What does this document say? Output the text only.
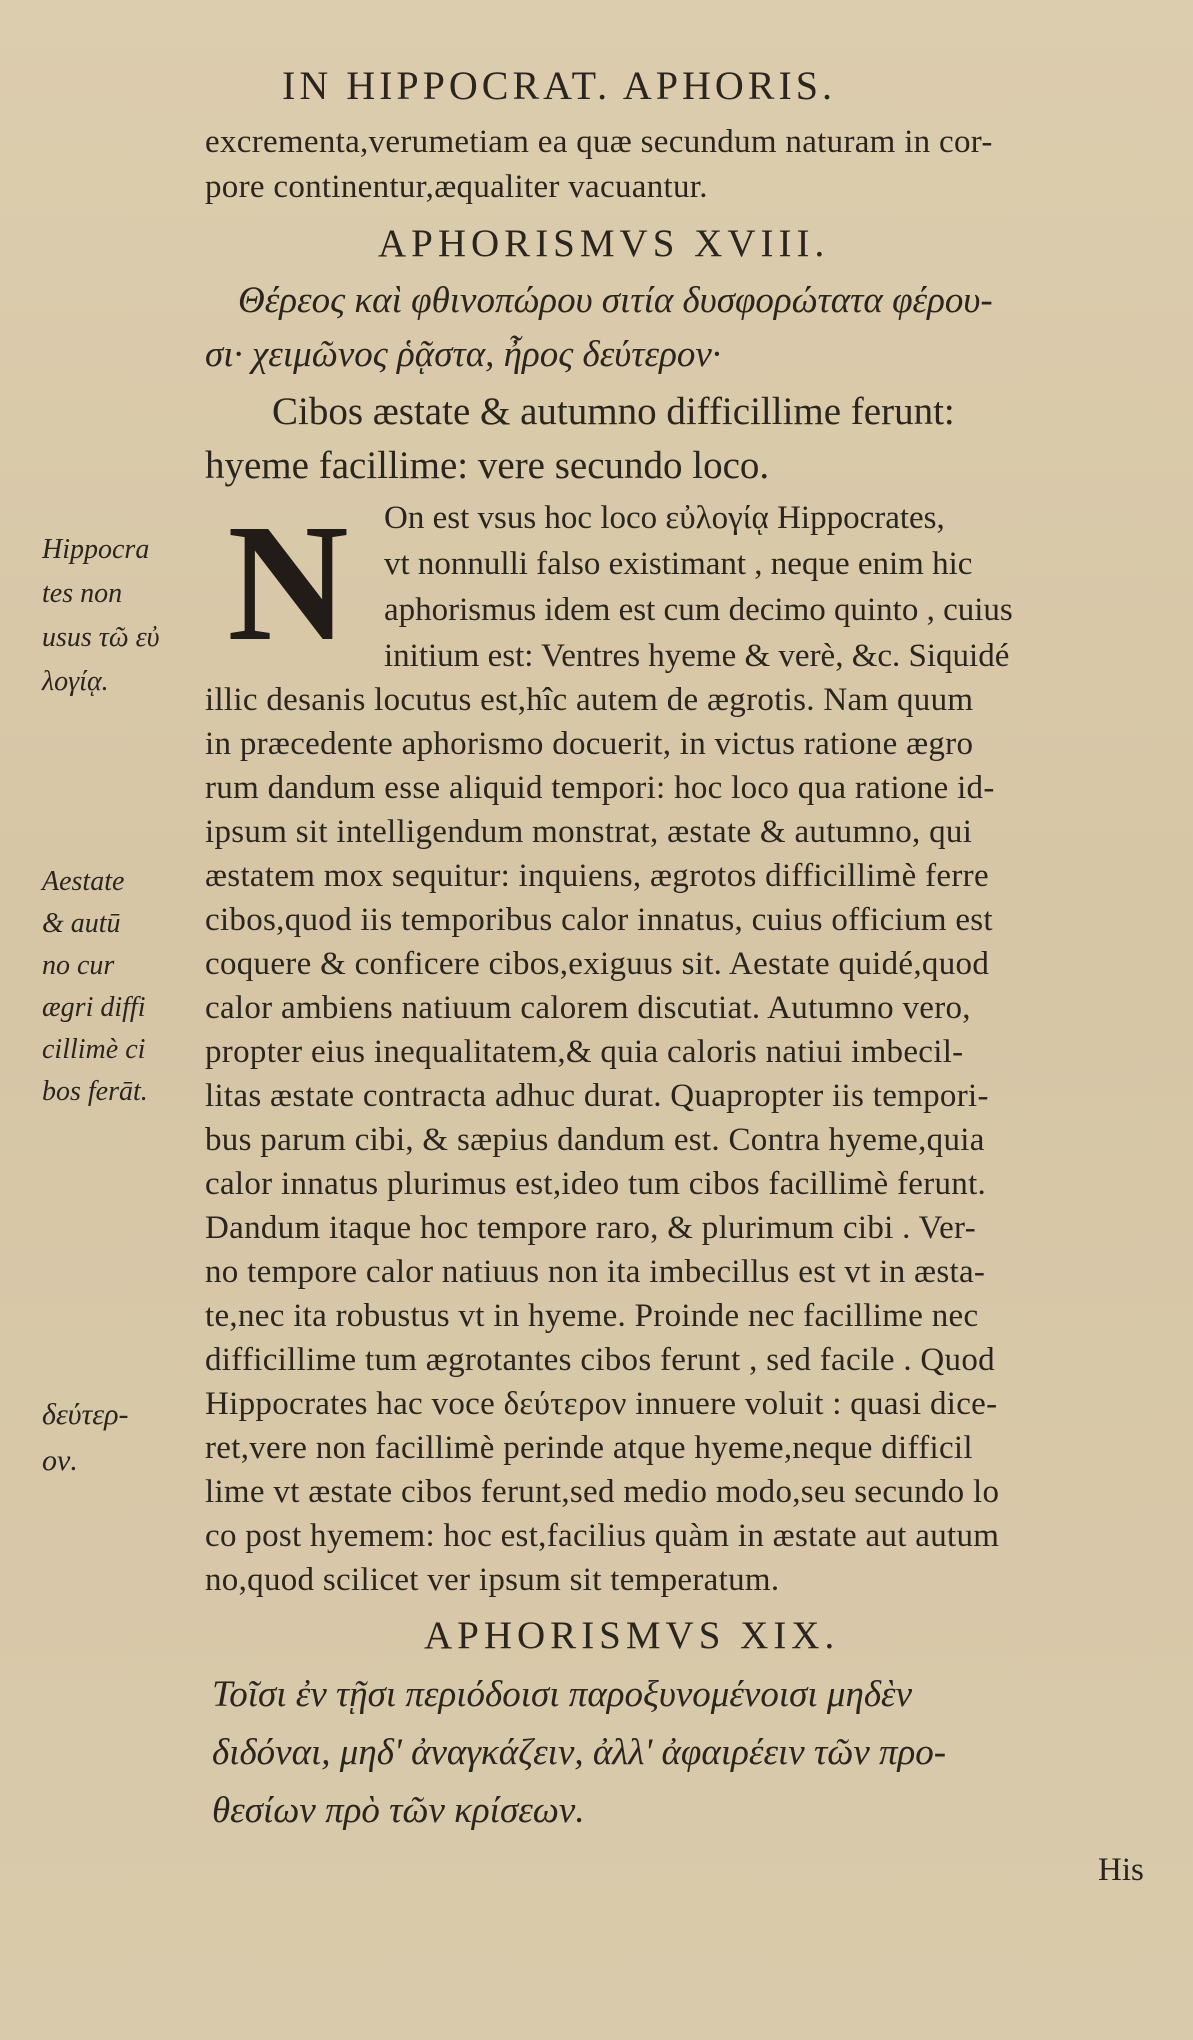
IN HIPPOCRAT. APHORIS.
excrementa,verumetiam ea quæ secundum naturam in cor-
pore continentur,æqualiter vacuantur.
APHORISMVS XVIII.
Θέρεος καὶ φθινοπώρου σιτία δυσφορώτατα φέρου-
σι· χειμῶνος ῥᾷστα, ἦρος δεύτερον·
Cibos æstate & autumno difficillime ferunt:
hyeme facillime: vere secundo loco.
N On est vsus hoc loco εὐλογίᾳ Hippocrates,
vt nonnulli falso existimant , neque enim hic
aphorismus idem est cum decimo quinto , cuius
initium est: Ventres hyeme & verè, &c. Siquidé
illic desanis locutus est,hîc autem de ægrotis. Nam quum
in præcedente aphorismo docuerit, in victus ratione ægro
rum dandum esse aliquid tempori: hoc loco qua ratione id-
ipsum sit intelligendum monstrat, æstate & autumno, qui
æstatem mox sequitur: inquiens, ægrotos difficillimè ferre
cibos,quod iis temporibus calor innatus, cuius officium est
coquere & conficere cibos,exiguus sit. Aestate quidé,quod
calor ambiens natiuum calorem discutiat. Autumno vero,
propter eius inequalitatem,& quia caloris natiui imbecil-
litas æstate contracta adhuc durat. Quapropter iis tempori-
bus parum cibi, & sæpius dandum est. Contra hyeme,quia
calor innatus plurimus est,ideo tum cibos facillimè ferunt.
Dandum itaque hoc tempore raro, & plurimum cibi . Ver-
no tempore calor natiuus non ita imbecillus est vt in æsta-
te,nec ita robustus vt in hyeme. Proinde nec facillime nec
difficillime tum ægrotantes cibos ferunt , sed facile . Quod
Hippocrates hac voce δεύτερον innuere voluit : quasi dice-
ret,vere non facillimè perinde atque hyeme,neque difficil
lime vt æstate cibos ferunt,sed medio modo,seu secundo lo
co post hyemem: hoc est,facilius quàm in æstate aut autum
no,quod scilicet ver ipsum sit temperatum.
Hippocra
tes non
usus τῶ εὐ
λογίᾳ.
Aestate
& autū
no cur
ægri diffi
cillimè ci
bos ferāt.
δεύτερ-
ον.
APHORISMVS XIX.
Τοῖσι ἐν τῇσι περιόδοισι παροξυνομένοισι μηδὲν
διδόναι, μηδ' ἀναγκάζειν, ἀλλ' ἀφαιρέειν τῶν προ-
θεσίων πρὸ τῶν κρίσεων.
His
